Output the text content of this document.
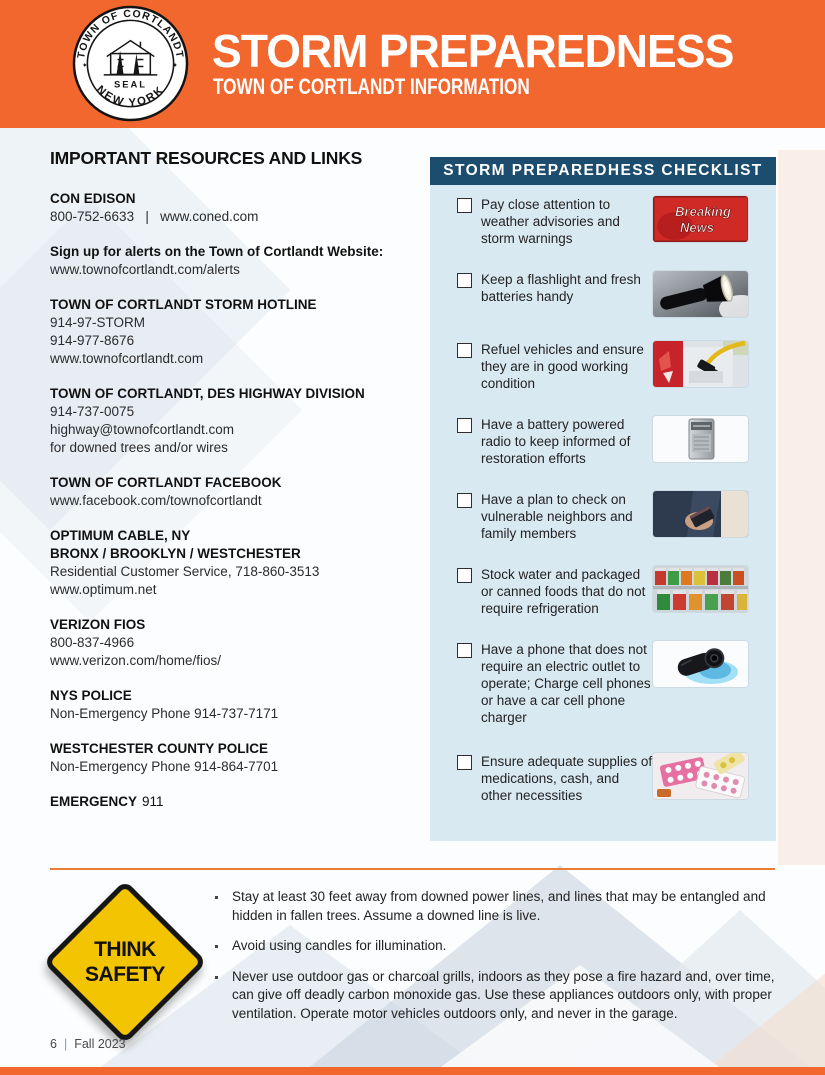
STORM PREPAREDNESS
TOWN OF CORTLANDT INFORMATION
TOWN OF CORTLANDT
NEW YORK
✦	✦
SEAL
IMPORTANT RESOURCES AND LINKS
CON EDISON
800-752-6633   |   www.coned.com
Sign up for alerts on the Town of Cortlandt Website:
www.townofcortlandt.com/alerts
TOWN OF CORTLANDT STORM HOTLINE
914-97-STORM
914-977-8676
www.townofcortlandt.com
TOWN OF CORTLANDT, DES HIGHWAY DIVISION
914-737-0075
highway@townofcortlandt.com
for downed trees and/or wires
TOWN OF CORTLANDT FACEBOOK
www.facebook.com/townofcortlandt
OPTIMUM CABLE, NY
BRONX / BROOKLYN / WESTCHESTER
Residential Customer Service, 718-860-3513
www.optimum.net
VERIZON FIOS
800-837-4966
www.verizon.com/home/fios/
NYS POLICE
Non-Emergency Phone 914-737-7171
WESTCHESTER COUNTY POLICE
Non-Emergency Phone 914-864-7701
EMERGENCY 911
STORM PREPAREDHESS CHECKLIST
Pay close attention to weather advisories and storm warnings
Breaking
News
Keep a flashlight and fresh batteries handy
Refuel vehicles and ensure they are in good working condition
Have a battery powered radio to keep informed of restoration efforts
Have a plan to check on vulnerable neighbors and family members
Stock water and packaged or canned foods that do not require refrigeration
Have a phone that does not require an electric outlet to operate; Charge cell phones or have a car cell phone charger
Ensure adequate supplies of medications, cash, and other necessities
THINK
SAFETY
Stay at least 30 feet away from downed power lines, and lines that may be entangled and hidden in fallen trees. Assume a downed line is live.
Avoid using candles for illumination.
Never use outdoor gas or charcoal grills, indoors as they pose a fire hazard and, over time, can give off deadly carbon monoxide gas. Use these appliances outdoors only, with proper ventilation. Operate motor vehicles outdoors only, and never in the garage.
6 | Fall 2023
